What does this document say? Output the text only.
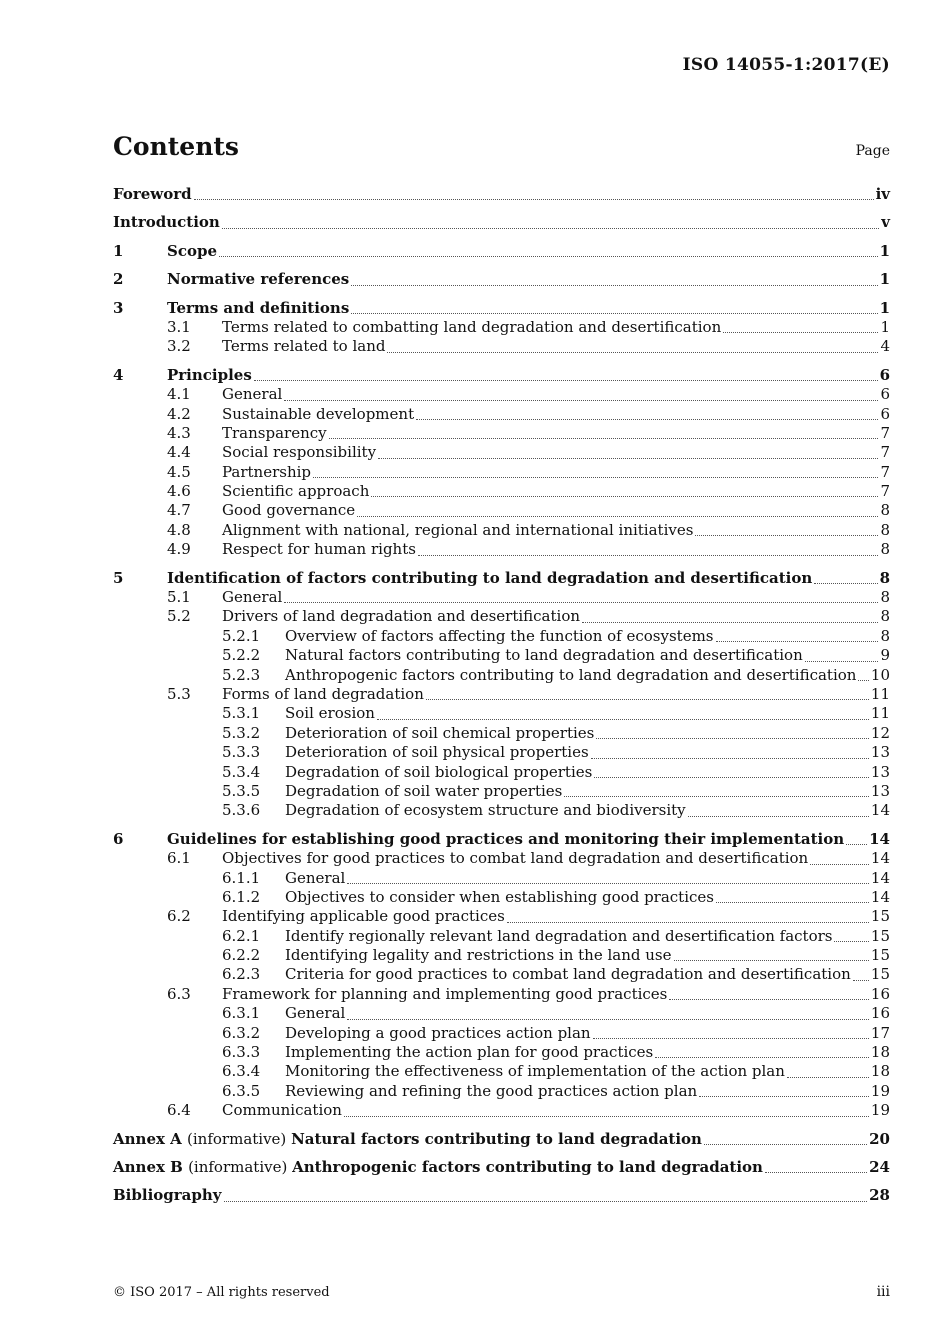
ISO 14055-1:2017(E)
Contents	Page
Foreword	iv
Introduction	v
1	Scope	1
2	Normative references	1
3	Terms and definitions	1
3.1	Terms related to combatting land degradation and desertification	1
3.2	Terms related to land	4
4	Principles	6
4.1	General	6
4.2	Sustainable development	6
4.3	Transparency	7
4.4	Social responsibility	7
4.5	Partnership	7
4.6	Scientific approach	7
4.7	Good governance	8
4.8	Alignment with national, regional and international initiatives	8
4.9	Respect for human rights	8
5	Identification of factors contributing to land degradation and desertification	8
5.1	General	8
5.2	Drivers of land degradation and desertification	8
5.2.1	Overview of factors affecting the function of ecosystems	8
5.2.2	Natural factors contributing to land degradation and desertification	9
5.2.3	Anthropogenic factors contributing to land degradation and desertification 10
5.3	Forms of land degradation	11
5.3.1	Soil erosion	11
5.3.2	Deterioration of soil chemical properties	12
5.3.3	Deterioration of soil physical properties	13
5.3.4	Degradation of soil biological properties	13
5.3.5	Degradation of soil water properties	13
5.3.6	Degradation of ecosystem structure and biodiversity	14
6	Guidelines for establishing good practices and monitoring their implementation 14
6.1	Objectives for good practices to combat land degradation and desertification	14
6.1.1	General	14
6.1.2	Objectives to consider when establishing good practices	14
6.2	Identifying applicable good practices	15
6.2.1	Identify regionally relevant land degradation and desertification factors	15
6.2.2	Identifying legality and restrictions in the land use	15
6.2.3	Criteria for good practices to combat land degradation and desertification 15
6.3	Framework for planning and implementing good practices	16
6.3.1	General	16
6.3.2	Developing a good practices action plan	17
6.3.3	Implementing the action plan for good practices	18
6.3.4	Monitoring the effectiveness of implementation of the action plan	18
6.3.5	Reviewing and refining the good practices action plan	19
6.4	Communication	19
Annex A (informative) Natural factors contributing to land degradation	20
Annex B (informative) Anthropogenic factors contributing to land degradation	24
Bibliography	28
© ISO 2017 – All rights reserved	iii
